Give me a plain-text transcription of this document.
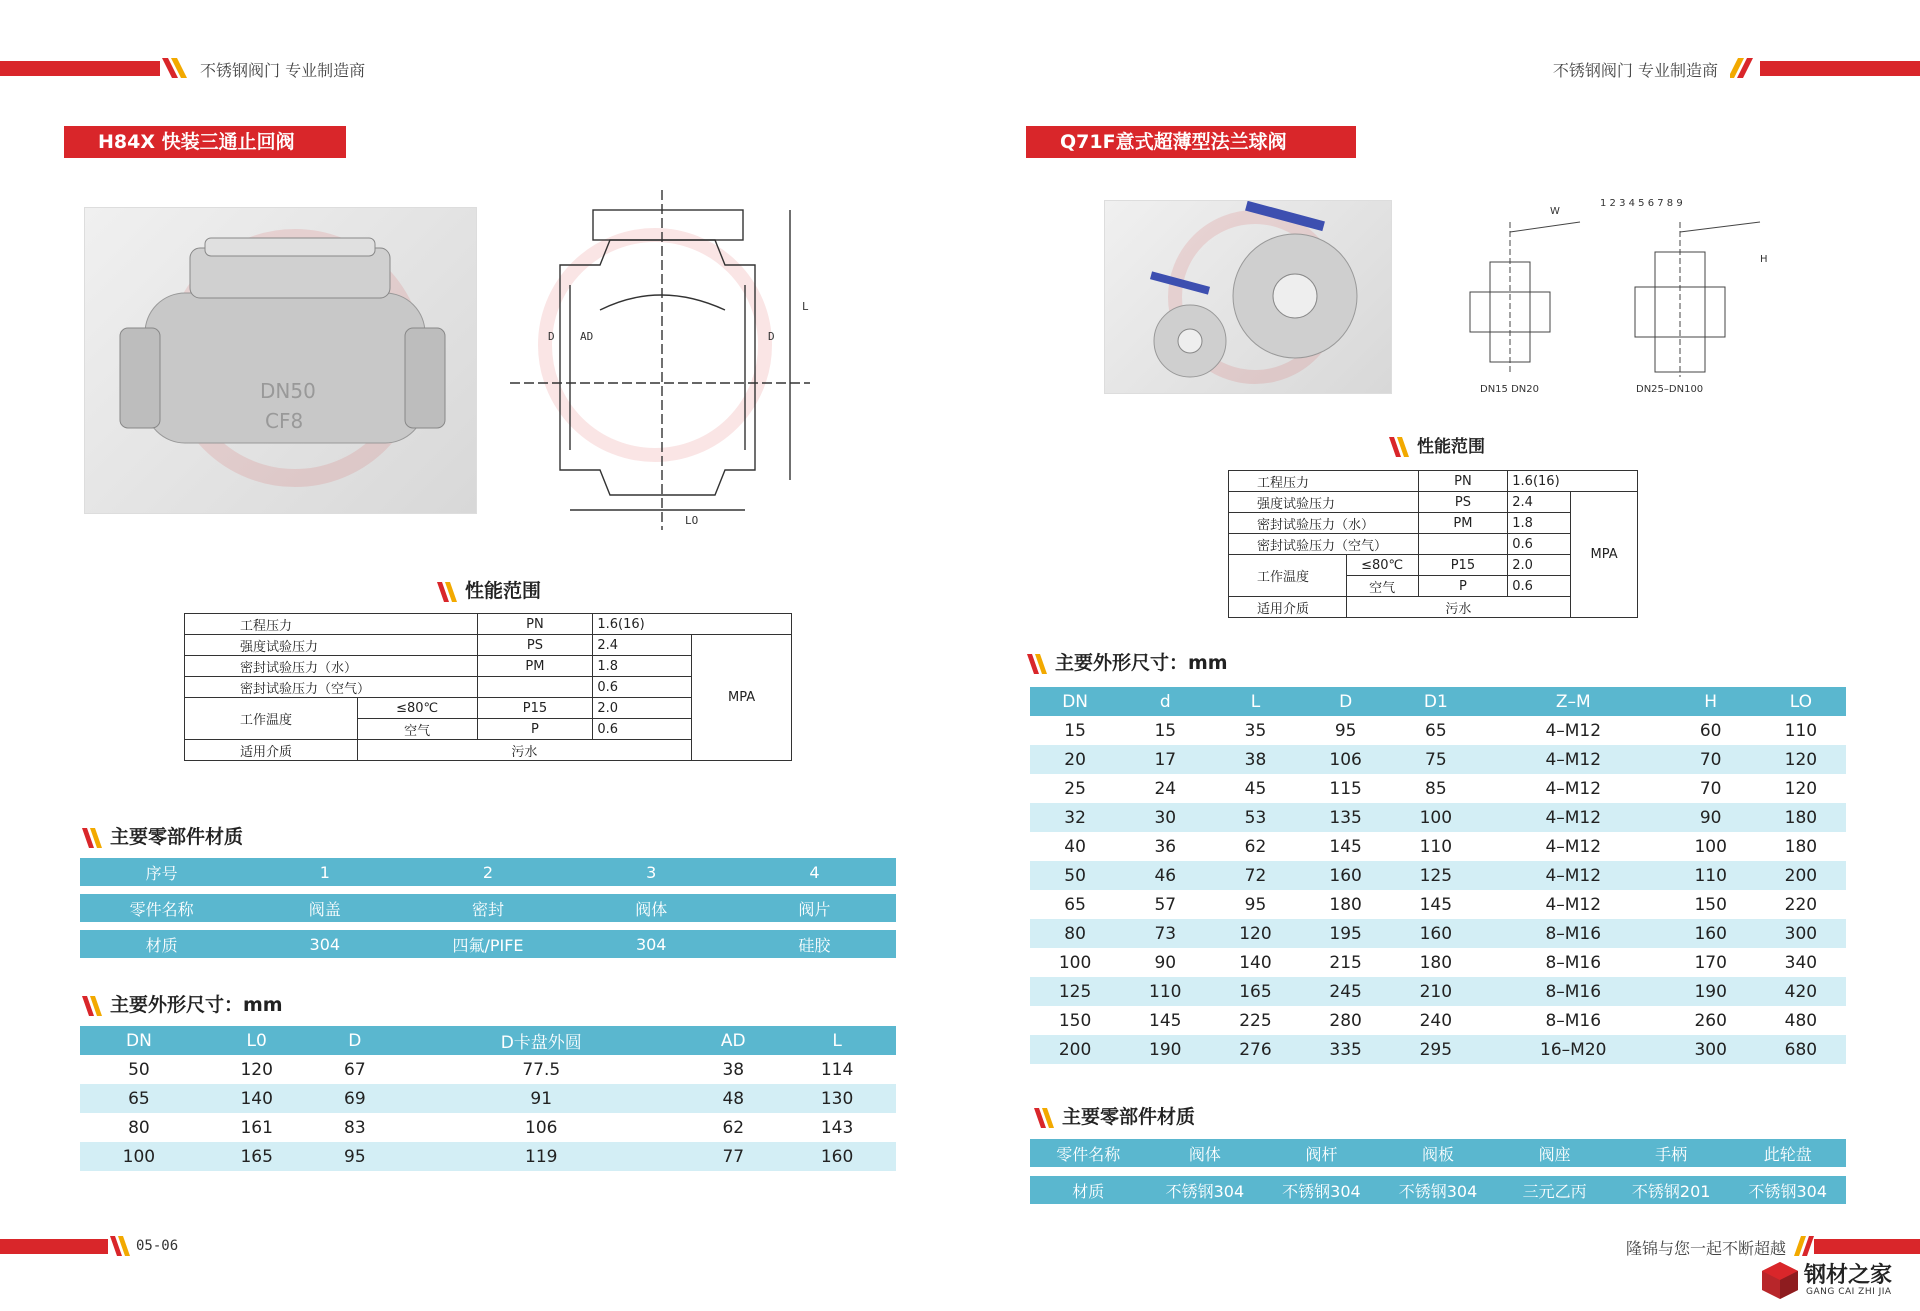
不锈钢阀门 专业制造商	不锈钢阀门 专业制造商
H84X 快装三通止回阀
DN50
CF8
LO
D AD	D
L
性能范围
工程压力		PN	1.6(16)	
强度试验压力		PS	2.4	MPA
密封试验压力（水）		PM	1.8	
密封试验压力（空气）			0.6	
工作温度	≤80℃	P15	2.0	
	空气	P	0.6	
适用介质	污水			
主要零部件材质
序号	1	2	3	4
零件名称	阀盖	密封	阀体	阀片
材质	304	四氟/PIFE	304	硅胶
主要外形尺寸：mm
DN	L0	D	D卡盘外圆	AD	L
50	120	67	77.5	38	114
65	140	69	91	48	130
80	161	83	106	62	143
100	165	95	119	77	160
Q71F意式超薄型法兰球阀
1 2 3 4 5 6 7 8 9
DN15 DN20	DN25–DN100
W
H
性能范围
工程压力		PN	1.6(16)	
强度试验压力		PS	2.4	MPA
密封试验压力（水）		PM	1.8	
密封试验压力（空气）			0.6	
工作温度	≤80℃	P15	2.0	
	空气	P	0.6	
适用介质	污水			
主要外形尺寸：mm
DN	d	L	D	D1	Z–M	H	LO
15	15	35	95	65	4–M12	60	110
20	17	38	106	75	4–M12	70	120
25	24	45	115	85	4–M12	70	120
32	30	53	135	100	4–M12	90	180
40	36	62	145	110	4–M12	100	180
50	46	72	160	125	4–M12	110	200
65	57	95	180	145	4–M12	150	220
80	73	120	195	160	8–M16	160	300
100	90	140	215	180	8–M16	170	340
125	110	165	245	210	8–M16	190	420
150	145	225	280	240	8–M16	260	480
200	190	276	335	295	16–M20	300	680
主要零部件材质
零件名称	阀体	阀杆	阀板	阀座	手柄	此轮盘
材质	不锈钢304	不锈钢304	不锈钢304	三元乙丙	不锈钢201	不锈钢304
05-06	隆锦与您一起不断超越
钢材之家
GANG CAI ZHI JIA
